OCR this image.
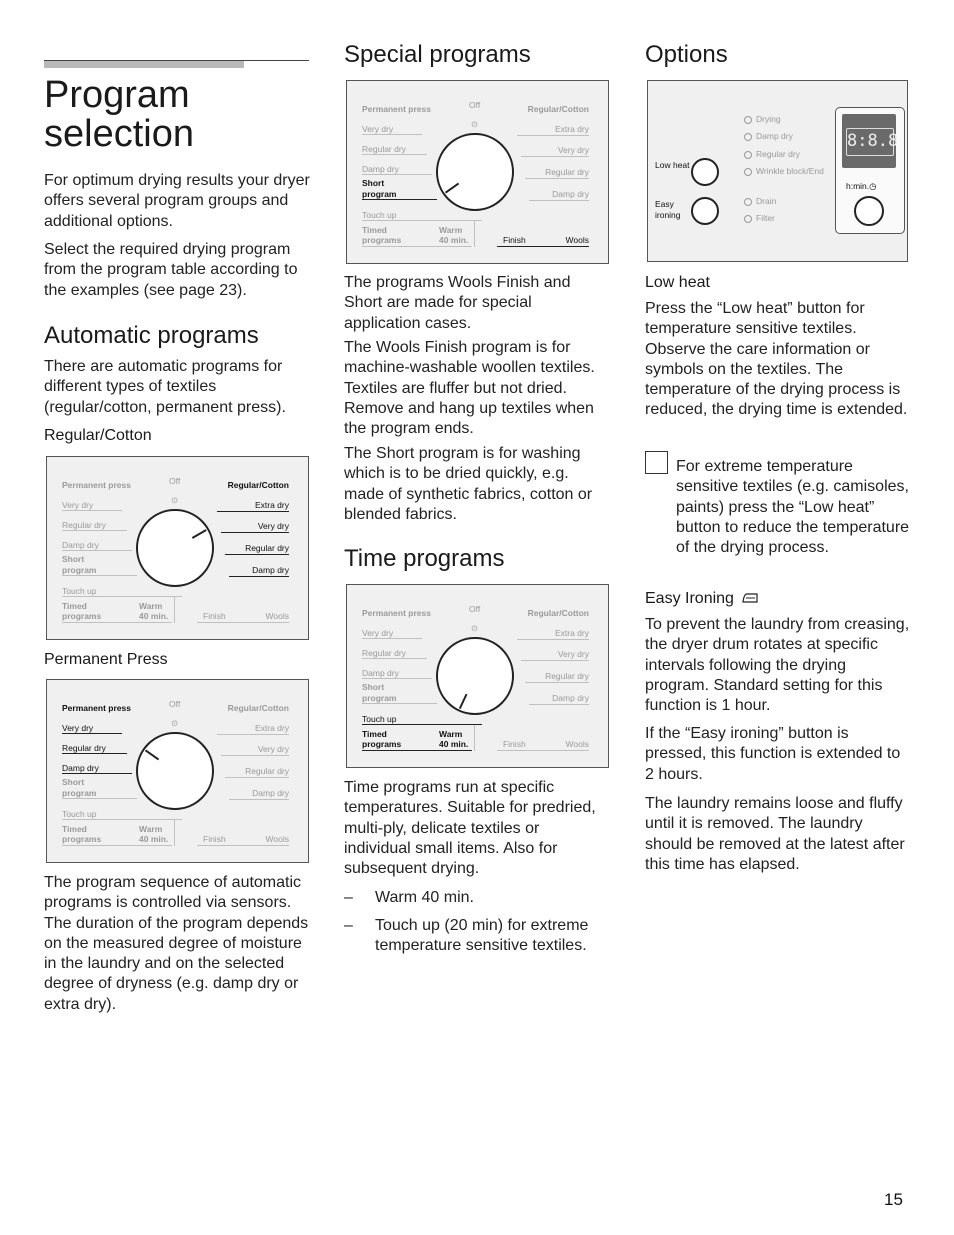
Program selection

For optimum drying results your dryer offers several program groups and additional options.

Select the required drying program from the program table according to the examples (see page 23).

Automatic programs

There are automatic programs for different types of textiles (regular/cotton, permanent press).

Regular/Cotton
Permanent press	Off	Regular/Cotton
Very dry	Extra dry
Regular dry	Very dry
Damp dry	Regular dry
Short
program	Damp dry
Touch up
Timed
programs
Warm
40 min.	Finish	Wools
⊙
Permanent Press
Permanent press	Off	Regular/Cotton
Very dry	Extra dry
Regular dry	Very dry
Damp dry	Regular dry
Short
program	Damp dry
Touch up
Timed
programs
Warm
40 min.	Finish	Wools
⊙

The program sequence of automatic programs is controlled via sensors. The duration of the program depends on the measured degree of moisture in the laundry and on the selected degree of dryness (e.g. damp dry or extra dry).

Special programs
Permanent press	Off	Regular/Cotton
Very dry	Extra dry
Regular dry	Very dry
Damp dry	Regular dry
Short
program	Damp dry
Touch up
Timed
programs
Warm
40 min.	Finish	Wools
⊙

The programs Wools Finish and Short are made for special application cases.

The Wools Finish program is for machine-washable woollen textiles. Textiles are fluffer but not dried. Remove and hang up textiles when the program ends.

The Short program is for washing which is to be dried quickly, e.g. made of synthetic fabrics, cotton or blended fabrics.

Time programs
Permanent press	Off	Regular/Cotton
Very dry	Extra dry
Regular dry	Very dry
Damp dry	Regular dry
Short
program	Damp dry
Touch up
Timed
programs
Warm
40 min.	Finish	Wools
⊙

Time programs run at specific temperatures. Suitable for predried, multi-ply, delicate textiles or individual small items. Also for subsequent drying.

– Warm 40 min.

– Touch up (20 min) for extreme temperature sensitive textiles.

Options
Low heat
Easy ironing
Drying
Damp dry
Regular dry
Wrinkle block/End
Drain
Filter
8:8.8
h:min.◷
Low heat

Press the “Low heat” button for temperature sensitive textiles. Observe the care information or symbols on the textiles. The temperature of the drying process is reduced, the drying time is extended.

For extreme temperature sensitive textiles (e.g. camisoles, paints) press the “Low heat” button to reduce the temperature of the drying process.

Easy Ironing

To prevent the laundry from creasing, the dryer drum rotates at specific intervals following the drying program. Standard setting for this function is 1 hour.

If the “Easy ironing” button is pressed, this function is extended to 2 hours.

The laundry remains loose and fluffy until it is removed. The laundry should be removed at the latest after this time has elapsed.

15
